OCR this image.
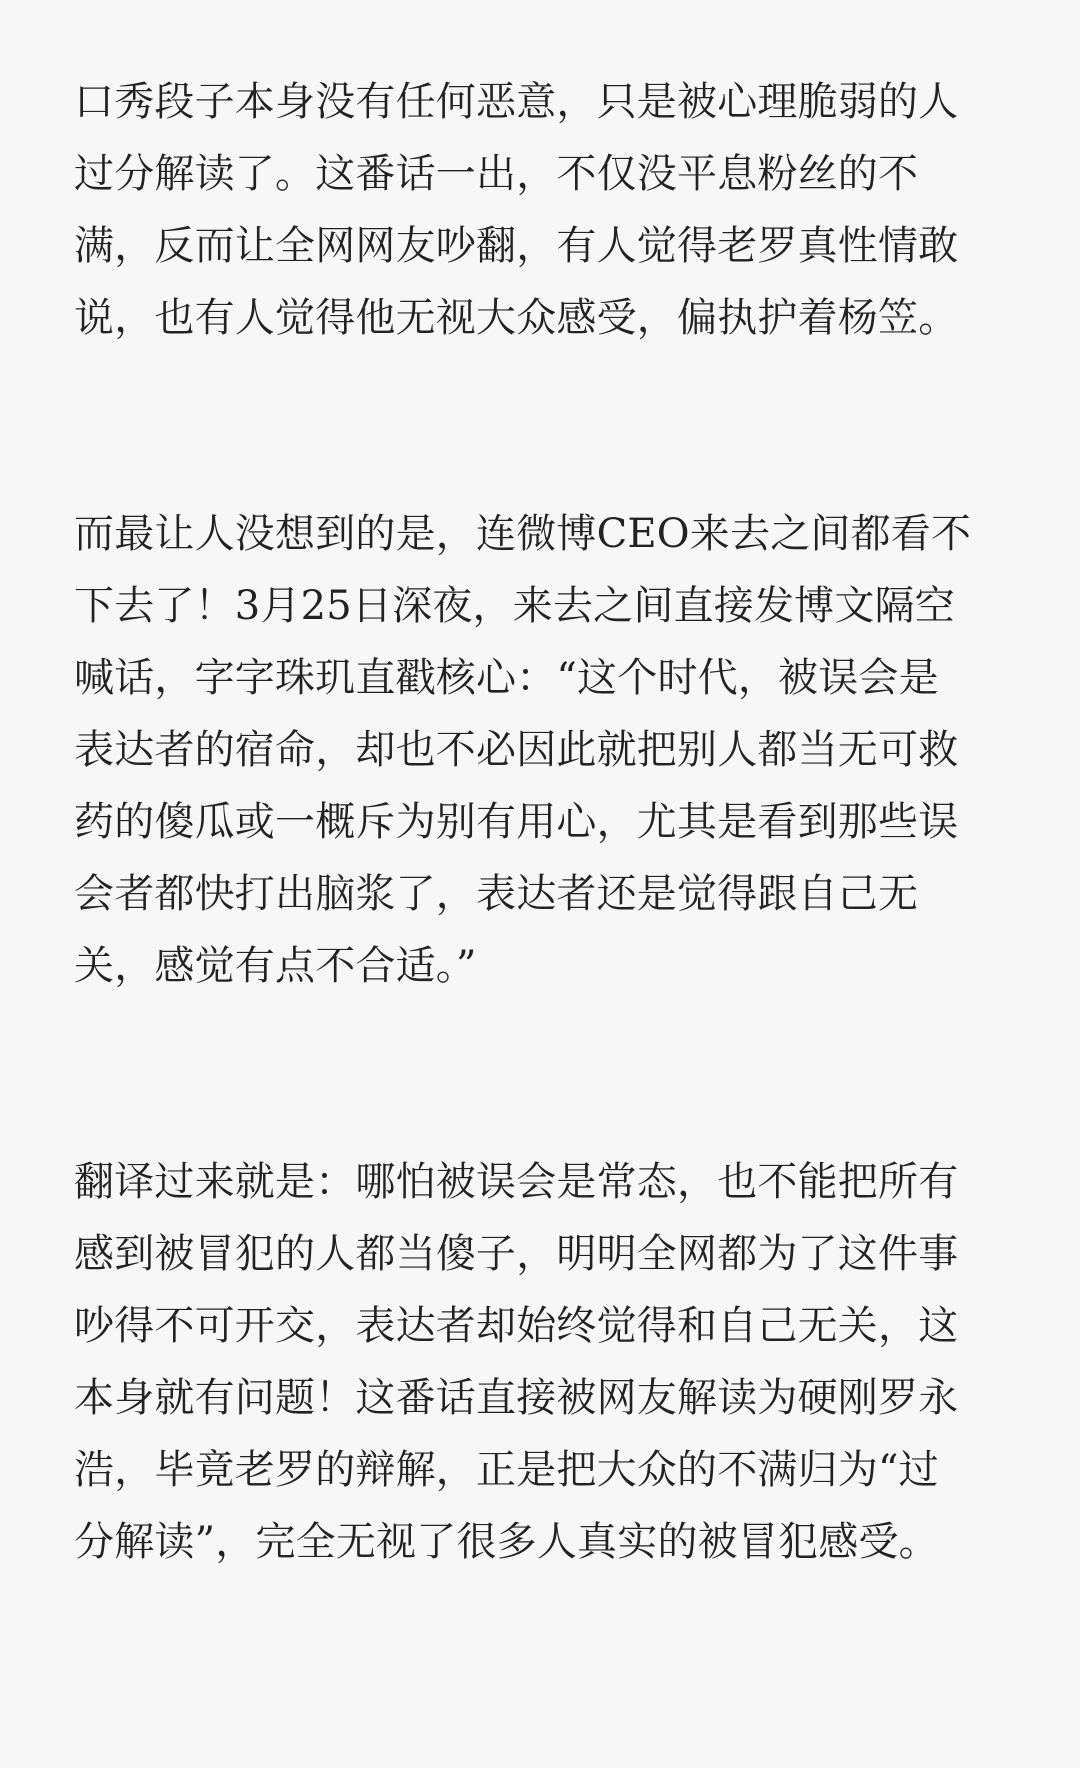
口秀段子本身没有任何恶意，只是被心理脆弱的人
过分解读了。这番话一出，不仅没平息粉丝的不
满，反而让全网网友吵翻，有人觉得老罗真性情敢
说，也有人觉得他无视大众感受，偏执护着杨笠。
而最让人没想到的是，连微博CEO来去之间都看不
下去了！3月25日深夜，来去之间直接发博文隔空
喊话，字字珠玑直戳核心：“这个时代，被误会是
表达者的宿命，却也不必因此就把别人都当无可救
药的傻瓜或一概斥为别有用心，尤其是看到那些误
会者都快打出脑浆了，表达者还是觉得跟自己无
关，感觉有点不合适。”
翻译过来就是：哪怕被误会是常态，也不能把所有
感到被冒犯的人都当傻子，明明全网都为了这件事
吵得不可开交，表达者却始终觉得和自己无关，这
本身就有问题！这番话直接被网友解读为硬刚罗永
浩，毕竟老罗的辩解，正是把大众的不满归为“过
分解读”，完全无视了很多人真实的被冒犯感受。
